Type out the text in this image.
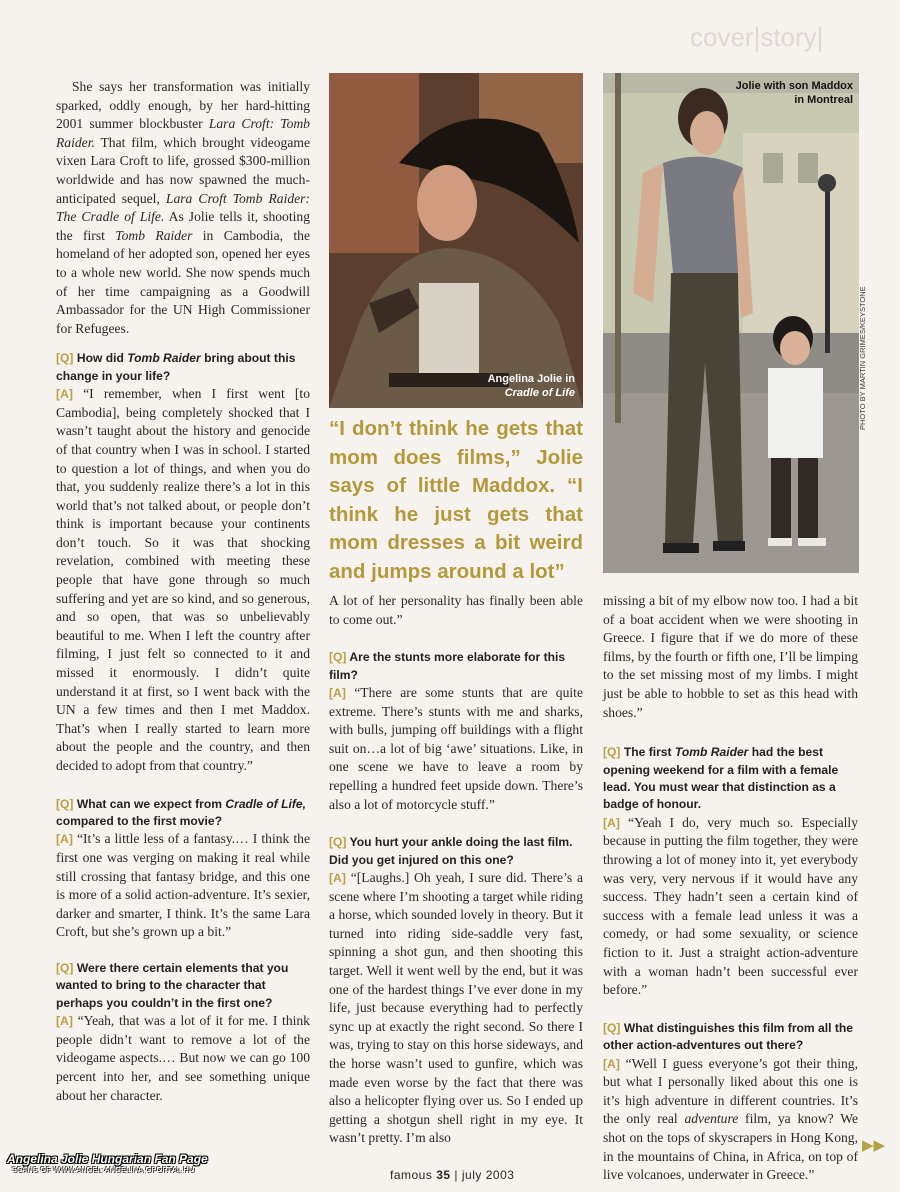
cover|story|

She says her transformation was initially sparked, oddly enough, by her hard-hitting 2001 summer blockbuster Lara Croft: Tomb Raider. That film, which brought videogame vixen Lara Croft to life, grossed $300-million worldwide and has now spawned the much-anticipated sequel, Lara Croft Tomb Raider: The Cradle of Life. As Jolie tells it, shooting the first Tomb Raider in Cambodia, the homeland of her adopted son, opened her eyes to a whole new world. She now spends much of her time campaigning as a Goodwill Ambassador for the UN High Commissioner for Refugees.

[Q] How did Tomb Raider bring about this change in your life?

[A] “I remember, when I first went [to Cambodia], being completely shocked that I wasn’t taught about the history and genocide of that country when I was in school. I started to question a lot of things, and when you do that, you suddenly realize there’s a lot in this world that’s not talked about, or people don’t think is important because your continents don’t touch. So it was that shocking revelation, combined with meeting these people that have gone through so much suffering and yet are so kind, and so generous, and so open, that was so unbelievably beautiful to me. When I left the country after filming, I just felt so connected to it and missed it enormously. I didn’t quite understand it at first, so I went back with the UN a few times and then I met Maddox. That’s when I really started to learn more about the people and the country, and then decided to adopt from that country.”

[Q] What can we expect from Cradle of Life, compared to the first movie?

[A] “It’s a little less of a fantasy.… I think the first one was verging on making it real while still crossing that fantasy bridge, and this one is more of a solid action-adventure. It’s sexier, darker and smarter, I think. It’s the same Lara Croft, but she’s grown up a bit.”

[Q] Were there certain elements that you wanted to bring to the character that perhaps you couldn’t in the first one?

[A] “Yeah, that was a lot of it for me. I think people didn’t want to remove a lot of the videogame aspects.… But now we can go 100 percent into her, and see something unique about her character.

Angelina Jolie in
Cradle of Life
“I don’t think he gets that mom does films,” Jolie says of little Maddox. “I think he just gets that mom dresses a bit weird and jumps around a lot”

A lot of her personality has finally been able to come out.”

[Q] Are the stunts more elaborate for this film?

[A] “There are some stunts that are quite extreme. There’s stunts with me and sharks, with bulls, jumping off buildings with a flight suit on…a lot of big ‘awe’ situations. Like, in one scene we have to leave a room by repelling a hundred feet upside down. There’s also a lot of motorcycle stuff.”

[Q] You hurt your ankle doing the last film. Did you get injured on this one?

[A] “[Laughs.] Oh yeah, I sure did. There’s a scene where I’m shooting a target while riding a horse, which sounded lovely in theory. But it turned into riding side-saddle very fast, spinning a shot gun, and then shooting this target. Well it went well by the end, but it was one of the hardest things I’ve ever done in my life, just because everything had to perfectly sync up at exactly the right second. So there I was, trying to stay on this horse sideways, and the horse wasn’t used to gunfire, which was made even worse by the fact that there was also a helicopter flying over us. So I ended up getting a shotgun shell right in my eye. It wasn’t pretty. I’m also

Jolie with son Maddox
in Montreal
PHOTO BY MARTIN GRIMES/KEYSTONE

missing a bit of my elbow now too. I had a bit of a boat accident when we were shooting in Greece. I figure that if we do more of these films, by the fourth or fifth one, I’ll be limping to the set missing most of my limbs. I might just be able to hobble to set as this head with shoes.”

[Q] The first Tomb Raider had the best opening weekend for a film with a female lead. You must wear that distinction as a badge of honour.

[A] “Yeah I do, very much so. Especially because in putting the film together, they were throwing a lot of money into it, yet everybody was very, very nervous if it would have any success. They hadn’t seen a certain kind of success with a female lead unless it was a comedy, or had some sexuality, or science fiction to it. Just a straight action-adventure with a woman hadn’t been successful ever before.”

[Q] What distinguishes this film from all the other action-adventures out there?

[A] “Well I guess everyone’s got their thing, but what I personally liked about this one is it’s high adventure in different countries. It’s the only real adventure film, ya know? We shot on the tops of skyscrapers in Hong Kong, in the mountains of China, in Africa, on top of live volcanoes, underwater in Greece.”

▶▶
famous 35 | july 2003
Angelina Jolie Hungarian Fan Page
SCANS OF WWW.ANGEL-ANGELINA.GPORTAL.HU
